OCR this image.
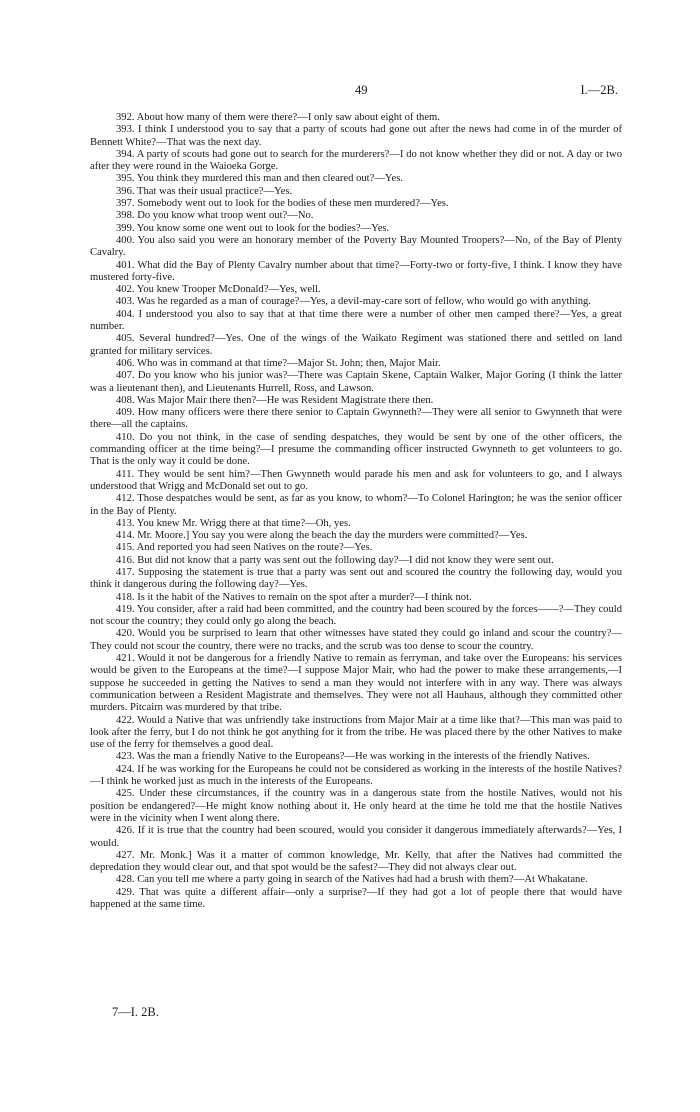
49	I.—2B.

392. About how many of them were there?—I only saw about eight of them.

393. I think I understood you to say that a party of scouts had gone out after the news had come in of the murder of Bennett White?—That was the next day.

394. A party of scouts had gone out to search for the murderers?—I do not know whether they did or not. A day or two after they were round in the Waioeka Gorge.

395. You think they murdered this man and then cleared out?—Yes.

396. That was their usual practice?—Yes.

397. Somebody went out to look for the bodies of these men murdered?—Yes.

398. Do you know what troop went out?—No.

399. You know some one went out to look for the bodies?—Yes.

400. You also said you were an honorary member of the Poverty Bay Mounted Troopers?—No, of the Bay of Plenty Cavalry.

401. What did the Bay of Plenty Cavalry number about that time?—Forty-two or forty-five, I think. I know they have mustered forty-five.

402. You knew Trooper McDonald?—Yes, well.

403. Was he regarded as a man of courage?—Yes, a devil-may-care sort of fellow, who would go with anything.

404. I understood you also to say that at that time there were a number of other men camped there?—Yes, a great number.

405. Several hundred?—Yes. One of the wings of the Waikato Regiment was stationed there and settled on land granted for military services.

406. Who was in command at that time?—Major St. John; then, Major Mair.

407. Do you know who his junior was?—There was Captain Skene, Captain Walker, Major Goring (I think the latter was a lieutenant then), and Lieutenants Hurrell, Ross, and Lawson.

408. Was Major Mair there then?—He was Resident Magistrate there then.

409. How many officers were there there senior to Captain Gwynneth?—They were all senior to Gwynneth that were there—all the captains.

410. Do you not think, in the case of sending despatches, they would be sent by one of the other officers, the commanding officer at the time being?—I presume the commanding officer instructed Gwynneth to get volunteers to go. That is the only way it could be done.

411. They would be sent him?—Then Gwynneth would parade his men and ask for volunteers to go, and I always understood that Wrigg and McDonald set out to go.

412. Those despatches would be sent, as far as you know, to whom?—To Colonel Harington; he was the senior officer in the Bay of Plenty.

413. You knew Mr. Wrigg there at that time?—Oh, yes.

414. Mr. Moore.] You say you were along the beach the day the murders were committed?—Yes.

415. And reported you had seen Natives on the route?—Yes.

416. But did not know that a party was sent out the following day?—I did not know they were sent out.

417. Supposing the statement is true that a party was sent out and scoured the country the following day, would you think it dangerous during the following day?—Yes.

418. Is it the habit of the Natives to remain on the spot after a murder?—I think not.

419. You consider, after a raid had been committed, and the country had been scoured by the forces——?—They could not scour the country; they could only go along the beach.

420. Would you be surprised to learn that other witnesses have stated they could go inland and scour the country?—They could not scour the country, there were no tracks, and the scrub was too dense to scour the country.

421. Would it not be dangerous for a friendly Native to remain as ferryman, and take over the Europeans: his services would be given to the Europeans at the time?—I suppose Major Mair, who had the power to make these arrangements,—I suppose he succeeded in getting the Natives to send a man they would not interfere with in any way. There was always communication between a Resident Magistrate and themselves. They were not all Hauhaus, although they committed other murders. Pitcairn was murdered by that tribe.

422. Would a Native that was unfriendly take instructions from Major Mair at a time like that?—This man was paid to look after the ferry, but I do not think he got anything for it from the tribe. He was placed there by the other Natives to make use of the ferry for themselves a good deal.

423. Was the man a friendly Native to the Europeans?—He was working in the interests of the friendly Natives.

424. If he was working for the Europeans he could not be considered as working in the interests of the hostile Natives?—I think he worked just as much in the interests of the Europeans.

425. Under these circumstances, if the country was in a dangerous state from the hostile Natives, would not his position be endangered?—He might know nothing about it. He only heard at the time he told me that the hostile Natives were in the vicinity when I went along there.

426. If it is true that the country had been scoured, would you consider it dangerous immediately afterwards?—Yes, I would.

427. Mr. Monk.] Was it a matter of common knowledge, Mr. Kelly, that after the Natives had committed the depredation they would clear out, and that spot would be the safest?—They did not always clear out.

428. Can you tell me where a party going in search of the Natives had had a brush with them?—At Whakatane.

429. That was quite a different affair—only a surprise?—If they had got a lot of people there that would have happened at the same time.

7—I. 2B.
